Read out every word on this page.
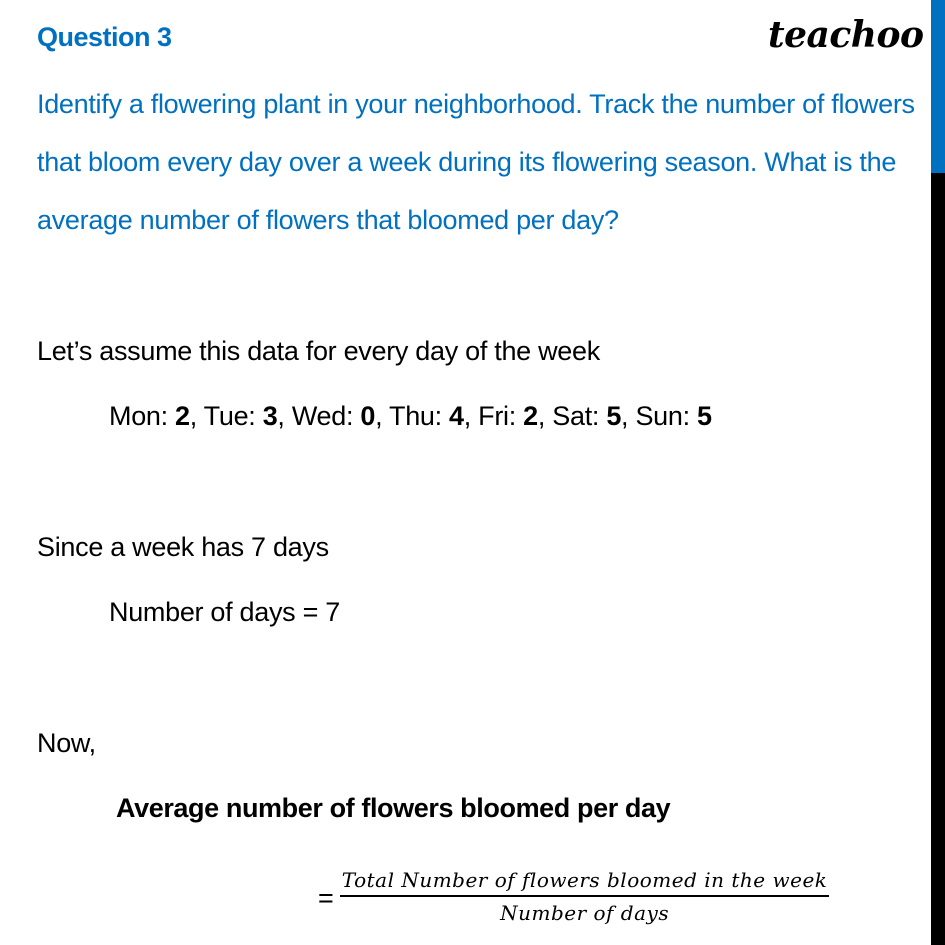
Question 3	teachoo
Identify a flowering plant in your neighborhood. Track the number of flowers that bloom every day over a week during its flowering season. What is the average number of flowers that bloomed per day?
Let’s assume this data for every day of the week
Mon: 2, Tue: 3, Wed: 0, Thu: 4, Fri: 2, Sat: 5, Sun: 5
Since a week has 7 days
Number of days = 7
Now,
Average number of flowers bloomed per day
= $\frac{\text{Total Number of flowers bloomed in the week}}{\text{Number of days}}$
